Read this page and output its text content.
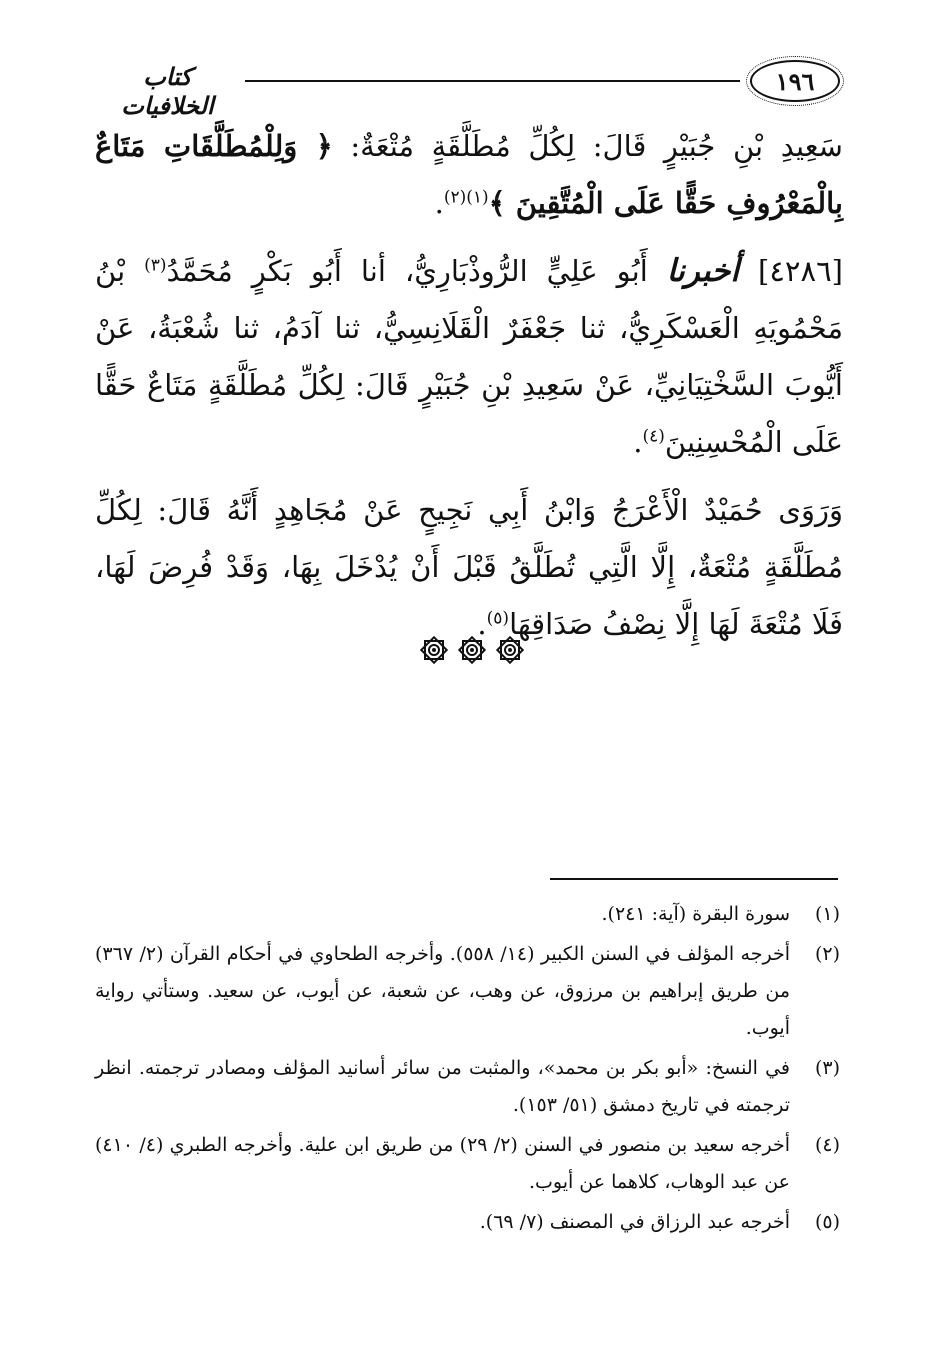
١٩٦
كتاب الخلافيات

سَعِيدِ بْنِ جُبَيْرٍ قَالَ: لِكُلِّ مُطَلَّقَةٍ مُتْعَةٌ: ﴿ وَلِلْمُطَلَّقَاتِ مَتَاعٌ بِالْمَعْرُوفِ حَقًّا عَلَى الْمُتَّقِينَ ﴾$^{(١)(٢)}$.

[٤٢٨٦] أخبرنا أَبُو عَلِيٍّ الرُّوذْبَارِيُّ، أنا أَبُو بَكْرٍ مُحَمَّدُ$^{(٣)}$ بْنُ مَحْمُويَهِ الْعَسْكَرِيُّ، ثنا جَعْفَرٌ الْقَلَانِسِيُّ، ثنا آدَمُ، ثنا شُعْبَةُ، عَنْ أَيُّوبَ السَّخْتِيَانِيِّ، عَنْ سَعِيدِ بْنِ جُبَيْرٍ قَالَ: لِكُلِّ مُطَلَّقَةٍ مَتَاعٌ حَقًّا عَلَى الْمُحْسِنِينَ$^{(٤)}$.

وَرَوَى حُمَيْدٌ الْأَعْرَجُ وَابْنُ أَبِي نَجِيحٍ عَنْ مُجَاهِدٍ أَنَّهُ قَالَ: لِكُلِّ مُطَلَّقَةٍ مُتْعَةٌ، إِلَّا الَّتِي تُطَلَّقُ قَبْلَ أَنْ يُدْخَلَ بِهَا، وَقَدْ فُرِضَ لَهَا، فَلَا مُتْعَةَ لَهَا إِلَّا نِصْفُ صَدَاقِهَا$^{(٥)}$.

(١)
سورة البقرة (آية: ٢٤١).
(٢)
أخرجه المؤلف في السنن الكبير (١٤/ ٥٥٨). وأخرجه الطحاوي في أحكام القرآن (٢/ ٣٦٧) من طريق إبراهيم بن مرزوق، عن وهب، عن شعبة، عن أيوب، عن سعيد. وستأتي رواية أيوب.
(٣)
في النسخ: «أبو بكر بن محمد»، والمثبت من سائر أسانيد المؤلف ومصادر ترجمته. انظر ترجمته في تاريخ دمشق (٥١/ ١٥٣).
(٤)
أخرجه سعيد بن منصور في السنن (٢/ ٢٩) من طريق ابن علية. وأخرجه الطبري (٤/ ٤١٠) عن عبد الوهاب، كلاهما عن أيوب.
(٥)
أخرجه عبد الرزاق في المصنف (٧/ ٦٩).
